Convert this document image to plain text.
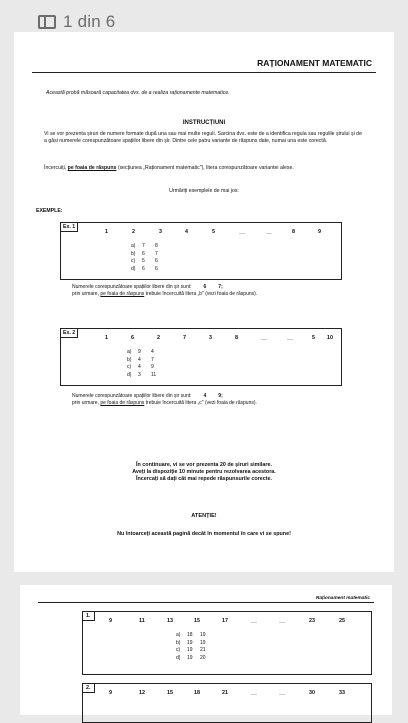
1 din 6
RAȚIONAMENT MATEMATIC
Această probă măsoară capacitatea dvs. de a realiza raționamente matematice.
INSTRUCȚIUNI
Vi se vor prezenta șiruri de numere formate după una sau mai multe reguli. Sarcina dvs. este de a identifica regula sau regulile șirului și de a găsi numerele corespunzătoare spațiilor libere din șir. Dintre cele patru variante de răspuns date, numai una este corectă.
Încercuiți, pe foaia de răspuns (secțiunea „Raționament matematic"), litera corespunzătoare variantei alese.
Urmăriți exemplele de mai jos:
EXEMPLE:
Ex. 1
1	2	3	4	5	__	__	8	9
a) 7 8
b) 6 7
c) 5 6
d) 6 6
Numerele corespunzătoare spațiilor libere din șir sunt: 6 7;
prin urmare, pe foaia de răspuns trebuie încercuită litera „b" (vezi foaia de răspuns).
Ex. 2
1	6	2	7	3	8	__	__	5 10
a) 9 4
b) 4 7
c) 4 9
d) 3 11
Numerele corespunzătoare spațiilor libere din șir sunt: 4 9;
prin urmare, pe foaia de răspuns trebuie încercuită litera „c" (vezi foaia de răspuns).
În continuare, vi se vor prezenta 20 de șiruri similare.
Aveți la dispoziție 10 minute pentru rezolvarea acestora.
Încercați să dați cât mai repede răspunsurile corecte.
ATENȚIE!
Nu întoarceți această pagină decât în momentul în care vi se spune!
Raționament matematic
1.
9	11	13	15	17	__	__	23	25
a) 18 19
b) 19 19
c) 19 21
d) 19 20
2.
9	12	15	18	21	__	__	30	33
